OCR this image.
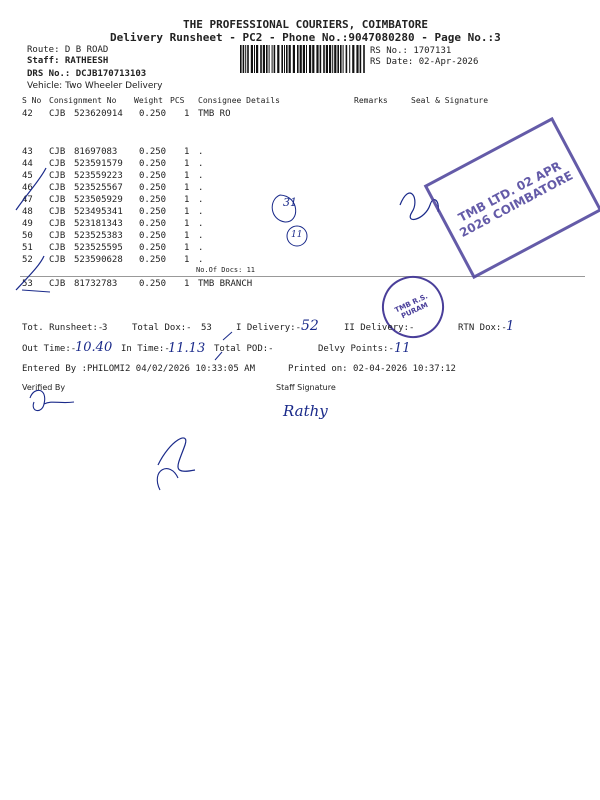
THE PROFESSIONAL COURIERS, COIMBATORE
Delivery Runsheet - PC2 - Phone No.:9047080280 - Page No.:3
Route: D B ROAD
Staff: RATHEESH
DRS No.: DCJB170713103
Vehicle: Two Wheeler Delivery
RS No.: 1707131
RS Date: 02-Apr-2026
S No Consignment No Weight PCS Consignee Details	Remarks	Seal & Signature
42 CJB 523620914 0.250 1 TMB RO
43 CJB 81697083 0.250 1 .
44 CJB 523591579 0.250 1 .
45 CJB 523559223 0.250 1 .
46 CJB 523525567 0.250 1 .
47 CJB 523505929 0.250 1 .
48 CJB 523495341 0.250 1 .
49 CJB 523181343 0.250 1 .
50 CJB 523525383 0.250 1 .
51 CJB 523525595 0.250 1 .
52 CJB 523590628 0.250 1 .
53 CJB 81732783 0.250 1 TMB BRANCH
No.Of Docs: 11
31
11
TMB R.S. PURAM
TMB LTD. 02 APR 2026 COIMBATORE
Tot. Runsheet:-
3	Total Dox:- 53	I Delivery:- 52	II Delivery:-	RTN Dox:- 1
Out Time:-
10.40 In Time:-
11.13 Total POD:-	Delvy Points:- 11
Entered By :PHILOMI2 04/02/2026 10:33:05 AM	Printed on: 02-04-2026 10:37:12
Verified By	Staff Signature
Rathy
